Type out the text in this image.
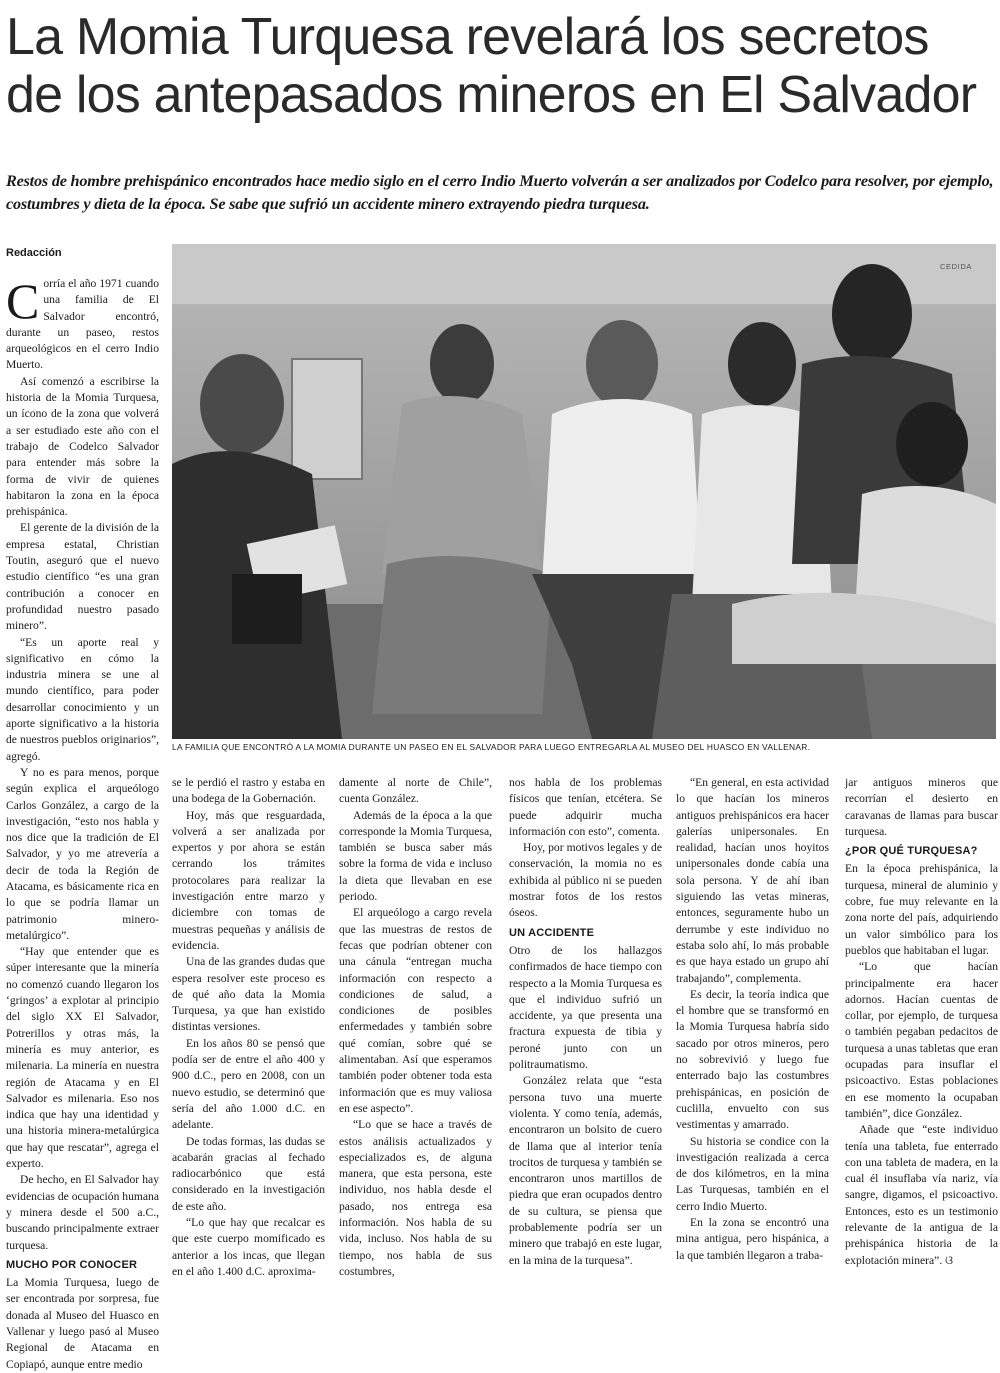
La Momia Turquesa revelará los secretos
de los antepasados mineros en El Salvador

Restos de hombre prehispánico encontrados hace medio siglo en el cerro Indio Muerto volverán a ser analizados por Codelco para resolver, por ejemplo, costumbres y dieta de la época. Se sabe que sufrió un accidente minero extrayendo piedra turquesa.

Redacción
CEDIDA
LA FAMILIA QUE ENCONTRÓ A LA MOMIA DURANTE UN PASEO EN EL SALVADOR PARA LUEGO ENTREGARLA AL MUSEO DEL HUASCO EN VALLENAR.

Corría el año 1971 cuando una familia de El Salvador encontró, durante un paseo, restos arqueológicos en el cerro Indio Muerto.

Así comenzó a escribirse la historia de la Momia Turquesa, un ícono de la zona que volverá a ser estudiado este año con el trabajo de Codelco Salvador para entender más sobre la forma de vivir de quienes habitaron la zona en la época prehispánica.

El gerente de la división de la empresa estatal, Christian Toutin, aseguró que el nuevo estudio científico “es una gran contribución a conocer en profundidad nuestro pasado minero”.

“Es un aporte real y significativo en cómo la industria minera se une al mundo científico, para poder desarrollar conocimiento y un aporte significativo a la historia de nuestros pueblos originarios”, agregó.

Y no es para menos, porque según explica el arqueólogo Carlos González, a cargo de la investigación, “esto nos habla y nos dice que la tradición de El Salvador, y yo me atrevería a decir de toda la Región de Atacama, es básicamente rica en lo que se podría llamar un patrimonio minero-metalúrgico”.

“Hay que entender que es súper interesante que la minería no comenzó cuando llegaron los ‘gringos’ a explotar al principio del siglo XX El Salvador, Potrerillos y otras más, la minería es muy anterior, es milenaria. La minería en nuestra región de Atacama y en El Salvador es milenaria. Eso nos indica que hay una identidad y una historia minera-metalúrgica que hay que rescatar”, agrega el experto.

De hecho, en El Salvador hay evidencias de ocupación humana y minera desde el 500 a.C., buscando principalmente extraer turquesa.

MUCHO POR CONOCER

La Momia Turquesa, luego de ser encontrada por sorpresa, fue donada al Museo del Huasco en Vallenar y luego pasó al Museo Regional de Atacama en Copiapó, aunque entre medio

se le perdió el rastro y estaba en una bodega de la Gobernación.

Hoy, más que resguardada, volverá a ser analizada por expertos y por ahora se están cerrando los trámites protocolares para realizar la investigación entre marzo y diciembre con tomas de muestras pequeñas y análisis de evidencia.

Una de las grandes dudas que espera resolver este proceso es de qué año data la Momia Turquesa, ya que han existido distintas versiones.

En los años 80 se pensó que podía ser de entre el año 400 y 900 d.C., pero en 2008, con un nuevo estudio, se determinó que sería del año 1.000 d.C. en adelante.

De todas formas, las dudas se acabarán gracias al fechado radiocarbónico que está considerado en la investigación de este año.

“Lo que hay que recalcar es que este cuerpo momificado es anterior a los incas, que llegan en el año 1.400 d.C. aproxima-

damente al norte de Chile”, cuenta González.

Además de la época a la que corresponde la Momia Turquesa, también se busca saber más sobre la forma de vida e incluso la dieta que llevaban en ese periodo.

El arqueólogo a cargo revela que las muestras de restos de fecas que podrían obtener con una cánula “entregan mucha información con respecto a condiciones de salud, a condiciones de posibles enfermedades y también sobre qué comían, sobre qué se alimentaban. Así que esperamos también poder obtener toda esta información que es muy valiosa en ese aspecto”.

“Lo que se hace a través de estos análisis actualizados y especializados es, de alguna manera, que esta persona, este individuo, nos habla desde el pasado, nos entrega esa información. Nos habla de su vida, incluso. Nos habla de su tiempo, nos habla de sus costumbres,

nos habla de los problemas físicos que tenían, etcétera. Se puede adquirir mucha información con esto”, comenta.

Hoy, por motivos legales y de conservación, la momia no es exhibida al público ni se pueden mostrar fotos de los restos óseos.

UN ACCIDENTE

Otro de los hallazgos confirmados de hace tiempo con respecto a la Momia Turquesa es que el individuo sufrió un accidente, ya que presenta una fractura expuesta de tibia y peroné junto con un politraumatismo.

González relata que “esta persona tuvo una muerte violenta. Y como tenía, además, encontraron un bolsito de cuero de llama que al interior tenía trocitos de turquesa y también se encontraron unos martillos de piedra que eran ocupados dentro de su cultura, se piensa que probablemente podría ser un minero que trabajó en este lugar, en la mina de la turquesa”.

“En general, en esta actividad lo que hacían los mineros antiguos prehispánicos era hacer galerías unipersonales. En realidad, hacían unos hoyitos unipersonales donde cabía una sola persona. Y de ahí iban siguiendo las vetas mineras, entonces, seguramente hubo un derrumbe y este individuo no estaba solo ahí, lo más probable es que haya estado un grupo ahí trabajando”, complementa.

Es decir, la teoría indica que el hombre que se transformó en la Momia Turquesa habría sido sacado por otros mineros, pero no sobrevivió y luego fue enterrado bajo las costumbres prehispánicas, en posición de cuclilla, envuelto con sus vestimentas y amarrado.

Su historia se condice con la investigación realizada a cerca de dos kilómetros, en la mina Las Turquesas, también en el cerro Indio Muerto.

En la zona se encontró una mina antigua, pero hispánica, a la que también llegaron a traba-

jar antiguos mineros que recorrían el desierto en caravanas de llamas para buscar turquesa.

¿POR QUÉ TURQUESA?

En la época prehispánica, la turquesa, mineral de aluminio y cobre, fue muy relevante en la zona norte del país, adquiriendo un valor simbólico para los pueblos que habitaban el lugar.

“Lo que hacían principalmente era hacer adornos. Hacían cuentas de collar, por ejemplo, de turquesa o también pegaban pedacitos de turquesa a unas tabletas que eran ocupadas para insuflar el psicoactivo. Estas poblaciones en ese momento la ocupaban también”, dice González.

Añade que “este individuo tenía una tableta, fue enterrado con una tableta de madera, en la cual él insuflaba vía nariz, vía sangre, digamos, el psicoactivo. Entonces, esto es un testimonio relevante de la antigua de la prehispánica historia de la explotación minera”. ଓ
